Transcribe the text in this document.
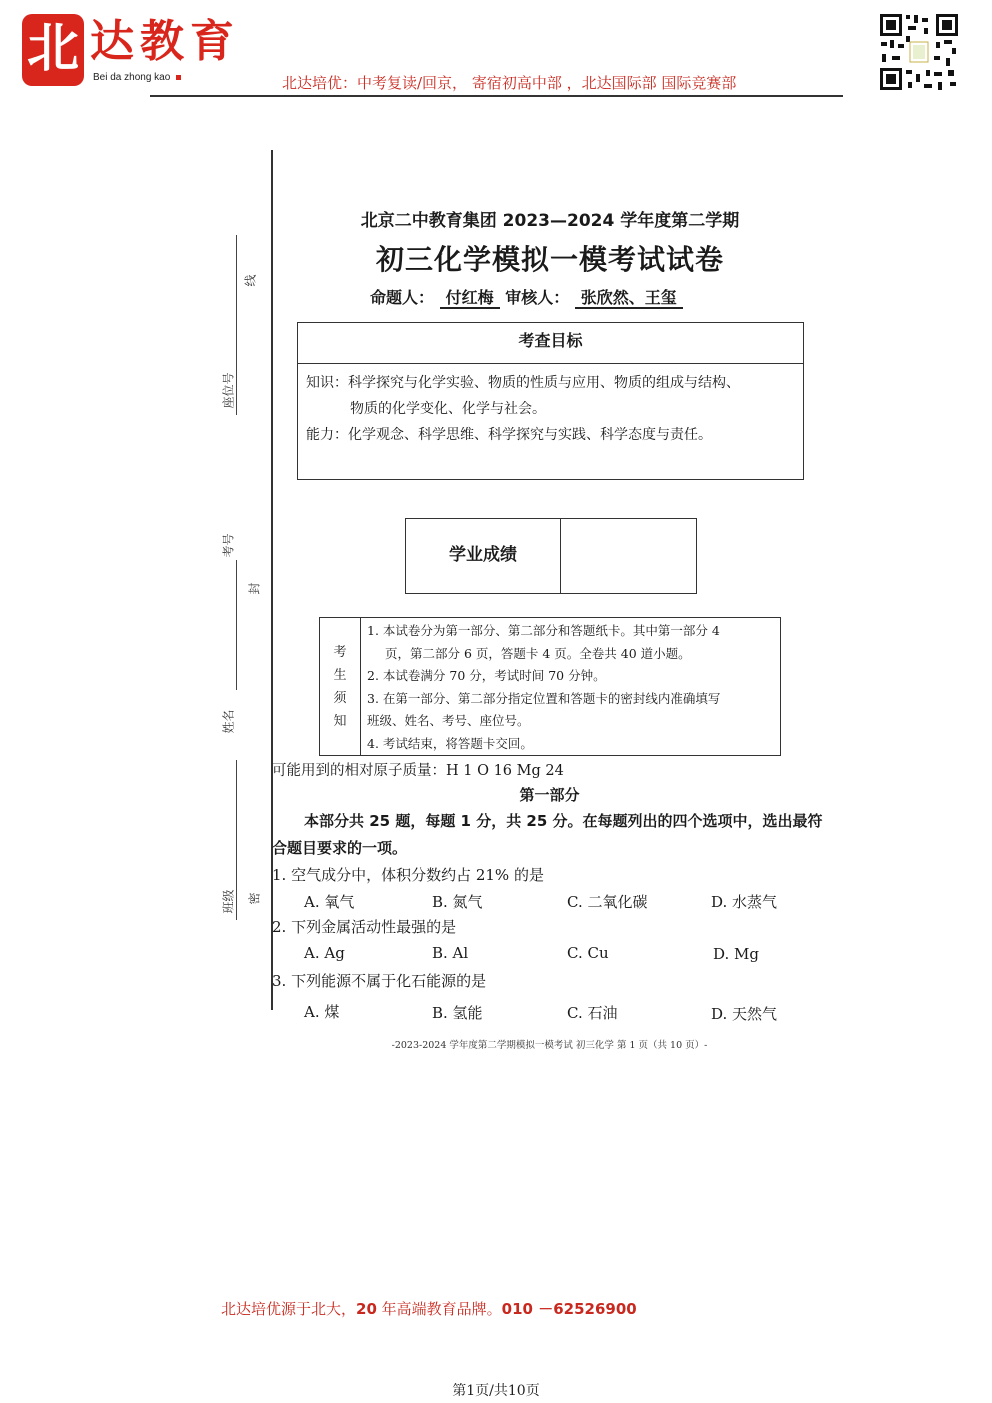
北 达教育
Bei da zhong kao	北达培优：中考复读/回京， 寄宿初高中部 ，北达国际部 国际竞赛部
线
座位号
考号
封
姓名
班级 密
北京二中教育集团 2023—2024 学年度第二学期
初三化学模拟一模考试试卷
命题人： 付红梅 审核人： 张欣然、王玺
考查目标
知识：科学探究与化学实验、物质的性质与应用、物质的组成与结构、
物质的化学变化、化学与社会。
能力：化学观念、科学思维、科学探究与实践、科学态度与责任。
学业成绩
考
生
须
知
1. 本试卷分为第一部分、第二部分和答题纸卡。其中第一部分 4
页，第二部分 6 页，答题卡 4 页。全卷共 40 道小题。
2. 本试卷满分 70 分，考试时间 70 分钟。
3. 在第一部分、第二部分指定位置和答题卡的密封线内准确填写
班级、姓名、考号、座位号。
4. 考试结束，将答题卡交回。
可能用到的相对原子质量：H 1 O 16 Mg 24
第一部分
本部分共 25 题，每题 1 分，共 25 分。在每题列出的四个选项中，选出最符合题目要求的一项。
1. 空气成分中，体积分数约占 21% 的是
A. 氧气	B. 氮气	C. 二氧化碳	D. 水蒸气
2. 下列金属活动性最强的是
A. Ag	B. Al	C. Cu	D. Mg
3. 下列能源不属于化石能源的是
A. 煤	B. 氢能	C. 石油	D. 天然气
-2023-2024 学年度第二学期模拟一模考试 初三化学 第 1 页（共 10 页）-
北达培优源于北大，20 年高端教育品牌。010 －62526900
第1页/共10页
